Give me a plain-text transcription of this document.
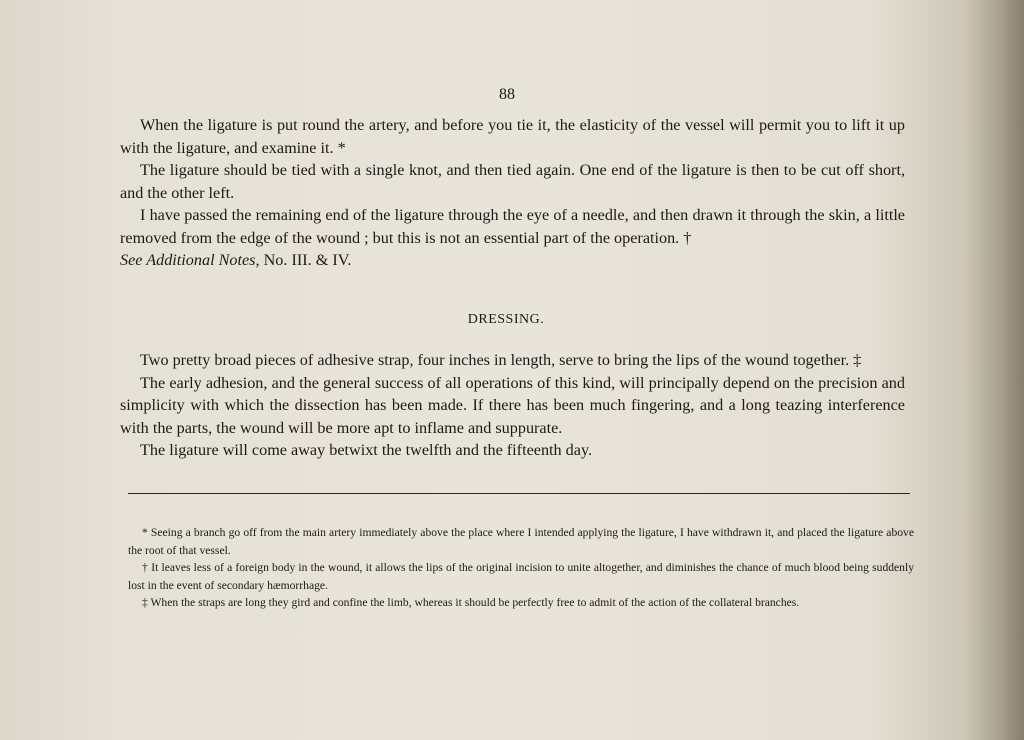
88

When the ligature is put round the artery, and before you tie it, the elasticity of the vessel will permit you to lift it up with the ligature, and examine it. *

The ligature should be tied with a single knot, and then tied again. One end of the ligature is then to be cut off short, and the other left.

I have passed the remaining end of the ligature through the eye of a needle, and then drawn it through the skin, a little removed from the edge of the wound ; but this is not an essential part of the operation. †

See Additional Notes, No. III. & IV.

DRESSING.

Two pretty broad pieces of adhesive strap, four inches in length, serve to bring the lips of the wound together. ‡

The early adhesion, and the general success of all operations of this kind, will principally depend on the precision and simplicity with which the dissection has been made. If there has been much fingering, and a long teazing interference with the parts, the wound will be more apt to inflame and suppurate.

The ligature will come away betwixt the twelfth and the fifteenth day.

* Seeing a branch go off from the main artery immediately above the place where I intended applying the ligature, I have withdrawn it, and placed the ligature above the root of that vessel.

† It leaves less of a foreign body in the wound, it allows the lips of the original incision to unite altogether, and diminishes the chance of much blood being suddenly lost in the event of secondary hæmorrhage.

‡ When the straps are long they gird and confine the limb, whereas it should be perfectly free to admit of the action of the collateral branches.
